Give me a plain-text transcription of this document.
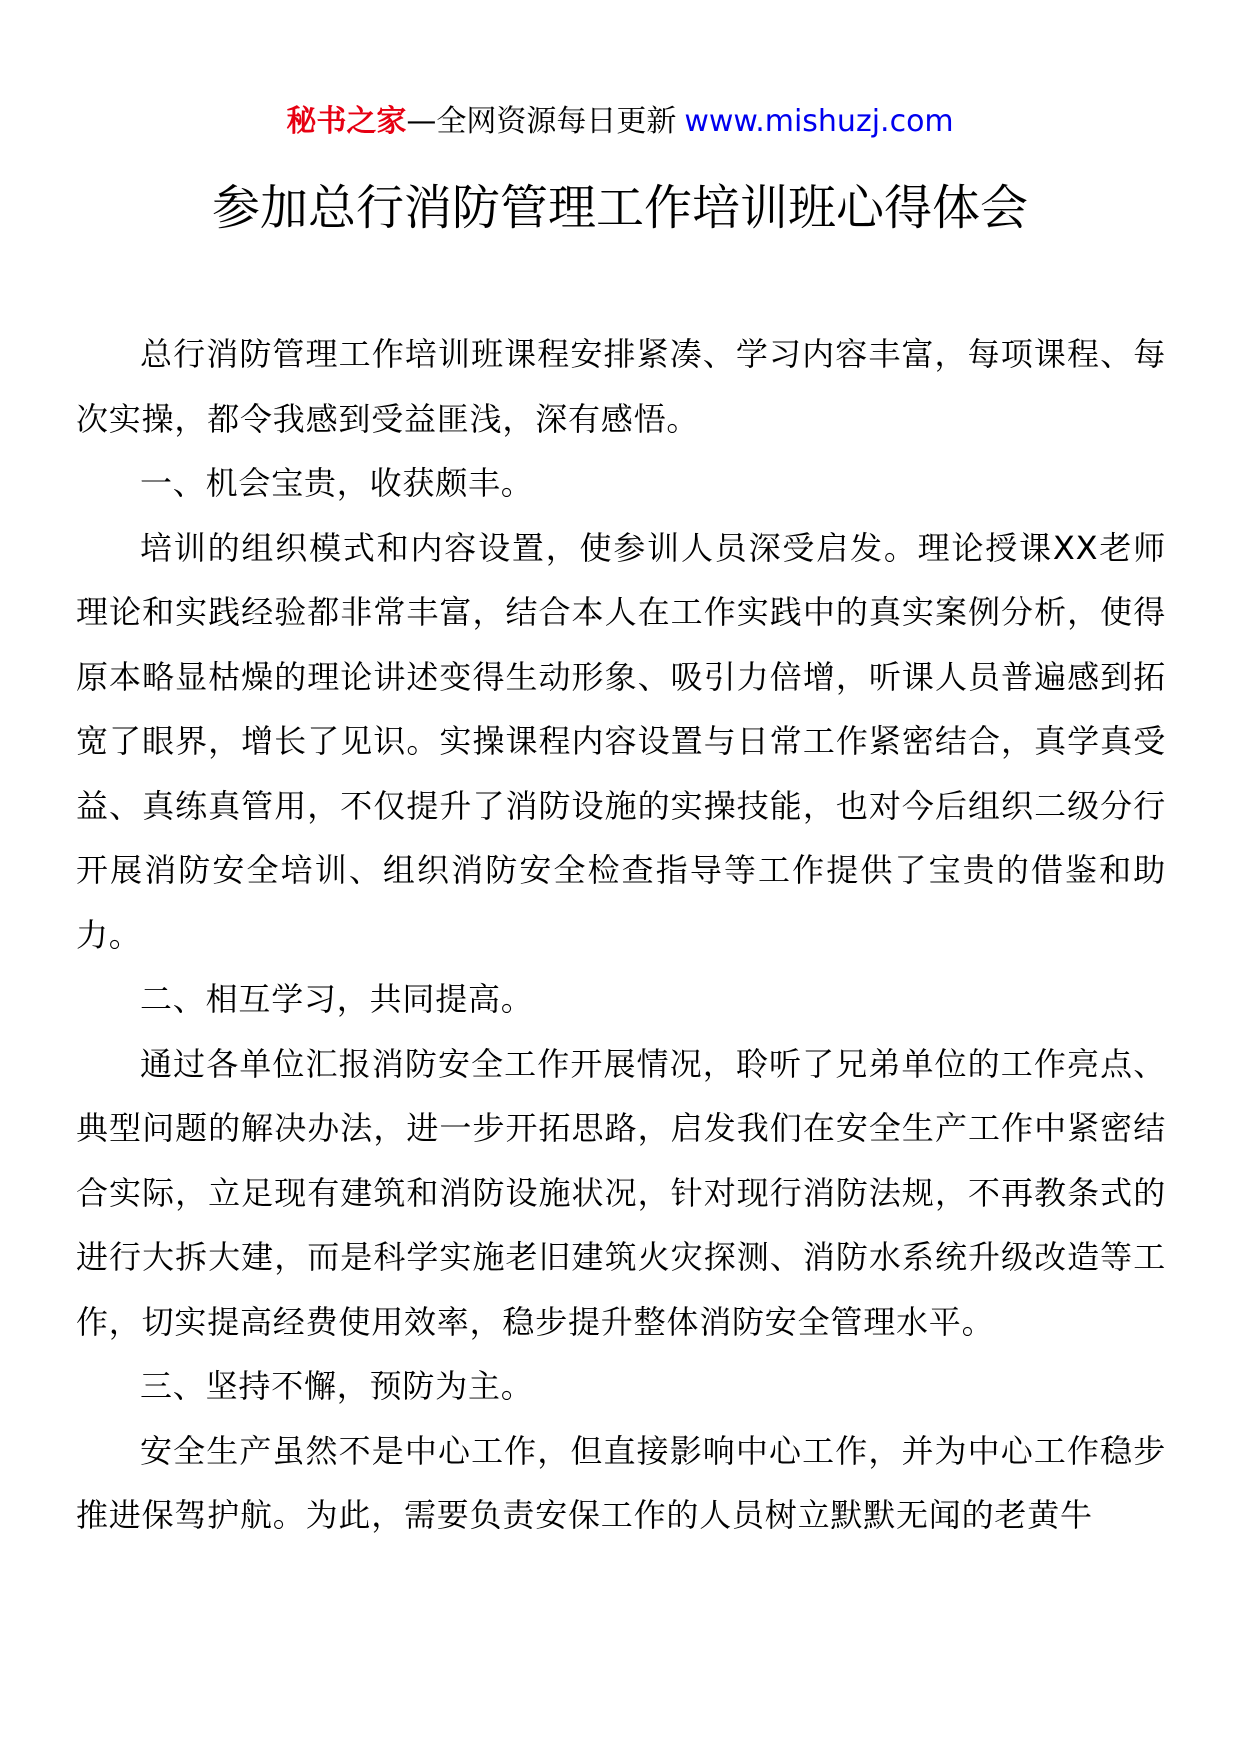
秘书之家—全网资源每日更新 www.mishuzj.com
参加总行消防管理工作培训班心得体会

总行消防管理工作培训班课程安排紧凑、学习内容丰富，每项课程、每次实操，都令我感到受益匪浅，深有感悟。

一、机会宝贵，收获颇丰。

培训的组织模式和内容设置，使参训人员深受启发。理论授课XX老师理论和实践经验都非常丰富，结合本人在工作实践中的真实案例分析，使得原本略显枯燥的理论讲述变得生动形象、吸引力倍增，听课人员普遍感到拓宽了眼界，增长了见识。实操课程内容设置与日常工作紧密结合，真学真受益、真练真管用，不仅提升了消防设施的实操技能，也对今后组织二级分行开展消防安全培训、组织消防安全检查指导等工作提供了宝贵的借鉴和助力。

二、相互学习，共同提高。

通过各单位汇报消防安全工作开展情况，聆听了兄弟单位的工作亮点、典型问题的解决办法，进一步开拓思路，启发我们在安全生产工作中紧密结合实际，立足现有建筑和消防设施状况，针对现行消防法规，不再教条式的进行大拆大建，而是科学实施老旧建筑火灾探测、消防水系统升级改造等工作，切实提高经费使用效率，稳步提升整体消防安全管理水平。

三、坚持不懈，预防为主。

安全生产虽然不是中心工作，但直接影响中心工作，并为中心工作稳步推进保驾护航。为此，需要负责安保工作的人员树立默默无闻的老黄牛
